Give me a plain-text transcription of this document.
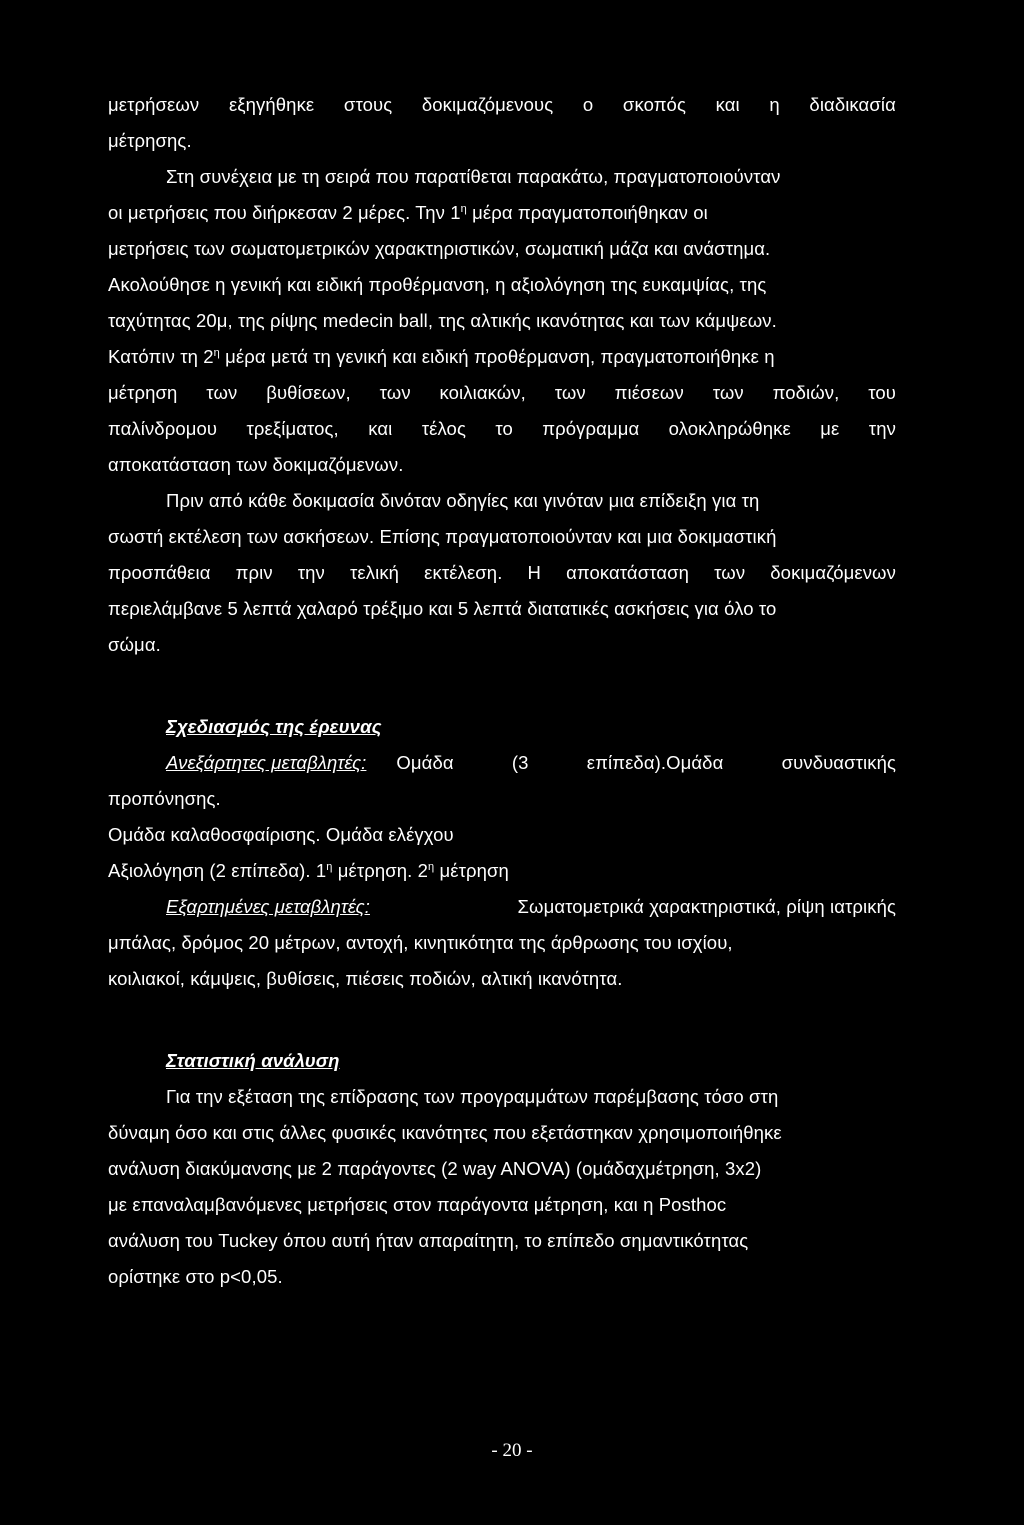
μετρήσεων εξηγήθηκε στους δοκιμαζόμενους ο σκοπός και η διαδικασία

μέτρησης.

Στη συνέχεια με τη σειρά που παρατίθεται παρακάτω, πραγματοποιούνταν

οι μετρήσεις που διήρκεσαν 2 μέρες. Την $1^\eta$ μέρα πραγματοποιήθηκαν οι

μετρήσεις των σωματομετρικών χαρακτηριστικών, σωματική μάζα και ανάστημα.

Ακολούθησε η γενική και ειδική προθέρμανση, η αξιολόγηση της ευκαμψίας, της

ταχύτητας 20μ, της ρίψης medecin ball, της αλτικής ικανότητας και των κάμψεων.

Κατόπιν τη $2^\eta$ μέρα μετά τη γενική και ειδική προθέρμανση, πραγματοποιήθηκε η

μέτρηση των βυθίσεων, των κοιλιακών, των πιέσεων των ποδιών, του

παλίνδρομου τρεξίματος, και τέλος το πρόγραμμα ολοκληρώθηκε με την

αποκατάσταση των δοκιμαζόμενων.

Πριν από κάθε δοκιμασία δινόταν οδηγίες και γινόταν μια επίδειξη για τη

σωστή εκτέλεση των ασκήσεων. Επίσης πραγματοποιούνταν και μια δοκιμαστική

προσπάθεια πριν την τελική εκτέλεση. Η αποκατάσταση των δοκιμαζόμενων

περιελάμβανε 5 λεπτά χαλαρό τρέξιμο και 5 λεπτά διατατικές ασκήσεις για όλο το

σώμα.

Σχεδιασμός της έρευνας

Ανεξάρτητες μεταβλητές: Ομάδα	(3	επίπεδα).Ομάδα	συνδυαστικής

προπόνησης.

Ομάδα καλαθοσφαίρισης. Ομάδα ελέγχου

Αξιολόγηση (2 επίπεδα). $1^\eta$ μέτρηση. $2^\eta$ μέτρηση

Εξαρτημένες μεταβλητές:	Σωματομετρικά χαρακτηριστικά, ρίψη ιατρικής

μπάλας, δρόμος 20 μέτρων, αντοχή, κινητικότητα της άρθρωσης του ισχίου,

κοιλιακοί, κάμψεις, βυθίσεις, πιέσεις ποδιών, αλτική ικανότητα.

Στατιστική ανάλυση

Για την εξέταση της επίδρασης των προγραμμάτων παρέμβασης τόσο στη

δύναμη όσο και στις άλλες φυσικές ικανότητες που εξετάστηκαν χρησιμοποιήθηκε

ανάλυση διακύμανσης με 2 παράγοντες (2 way ANOVA) (ομάδαχμέτρηση, 3x2)

με επαναλαμβανόμενες μετρήσεις στον παράγοντα μέτρηση, και η Posthoc

ανάλυση του Tuckey όπου αυτή ήταν απαραίτητη, το επίπεδο σημαντικότητας

ορίστηκε στο p<0,05.

- 20 -
